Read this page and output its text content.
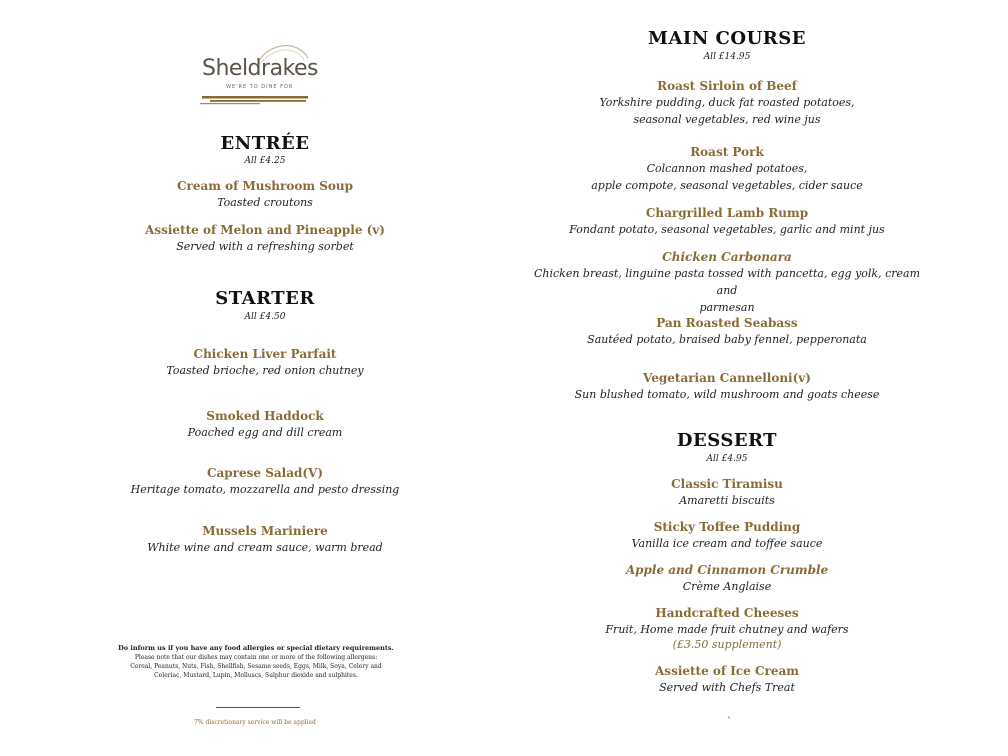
Sheldrakes
WE'RE TO DINE FOR
ENTRÉE
All £4.25
Cream of Mushroom Soup
Toasted croutons
Assiette of Melon and Pineapple (v)
Served with a refreshing sorbet
STARTER
All £4.50
Chicken Liver Parfait
Toasted brioche, red onion chutney
Smoked Haddock
Poached egg and dill cream
Caprese Salad(V)
Heritage tomato, mozzarella and pesto dressing
Mussels Mariniere
White wine and cream sauce, warm bread
Do inform us if you have any food allergies or special dietary requirements.
Please note that our dishes may contain one or more of the following allergens:
Cereal, Peanuts, Nuts, Fish, Shellfish, Sesame seeds, Eggs, Milk, Soya, Celery and
Celeriac, Mustard, Lupin, Molluscs, Sulphur dioxide and sulphites.
7% discretionary service will be applied
MAIN COURSE
All £14.95
Roast Sirloin of Beef
Yorkshire pudding, duck fat roasted potatoes,
seasonal vegetables, red wine jus
Roast Pork
Colcannon mashed potatoes,
apple compote, seasonal vegetables, cider sauce
Chargrilled Lamb Rump
Fondant potato, seasonal vegetables, garlic and mint jus
Chicken Carbonara
Chicken breast, linguine pasta tossed with pancetta, egg yolk, cream and
parmesan
Pan Roasted Seabass
Sautéed potato, braised baby fennel, pepperonata
Vegetarian Cannelloni(v)
Sun blushed tomato, wild mushroom and goats cheese
DESSERT
All £4.95
Classic Tiramisu
Amaretti biscuits
Sticky Toffee Pudding
Vanilla ice cream and toffee sauce
Apple and Cinnamon Crumble
Crème Anglaise
Handcrafted Cheeses
Fruit, Home made fruit chutney and wafers
(£3.50 supplement)
Assiette of Ice Cream
Served with Chefs Treat
`
